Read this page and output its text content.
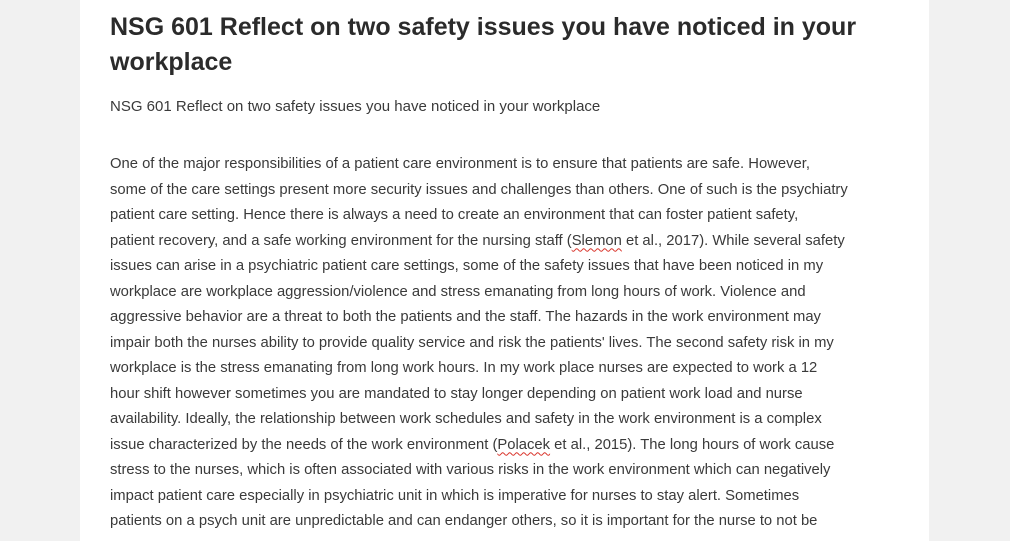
NSG 601 Reflect on two safety issues you have noticed in your workplace

NSG 601 Reflect on two safety issues you have noticed in your workplace

One of the major responsibilities of a patient care environment is to ensure that patients are safe. However,
some of the care settings present more security issues and challenges than others. One of such is the psychiatry
patient care setting. Hence there is always a need to create an environment that can foster patient safety,
patient recovery, and a safe working environment for the nursing staff (Slemon et al., 2017). While several safety
issues can arise in a psychiatric patient care settings, some of the safety issues that have been noticed in my
workplace are workplace aggression/violence and stress emanating from long hours of work. Violence and
aggressive behavior are a threat to both the patients and the staff. The hazards in the work environment may
impair both the nurses ability to provide quality service and risk the patients' lives. The second safety risk in my
workplace is the stress emanating from long work hours. In my work place nurses are expected to work a 12
hour shift however sometimes you are mandated to stay longer depending on patient work load and nurse
availability. Ideally, the relationship between work schedules and safety in the work environment is a complex
issue characterized by the needs of the work environment (Polacek et al., 2015). The long hours of work cause
stress to the nurses, which is often associated with various risks in the work environment which can negatively
impact patient care especially in psychiatric unit in which is imperative for nurses to stay alert. Sometimes
patients on a psych unit are unpredictable and can endanger others, so it is important for the nurse to not be
